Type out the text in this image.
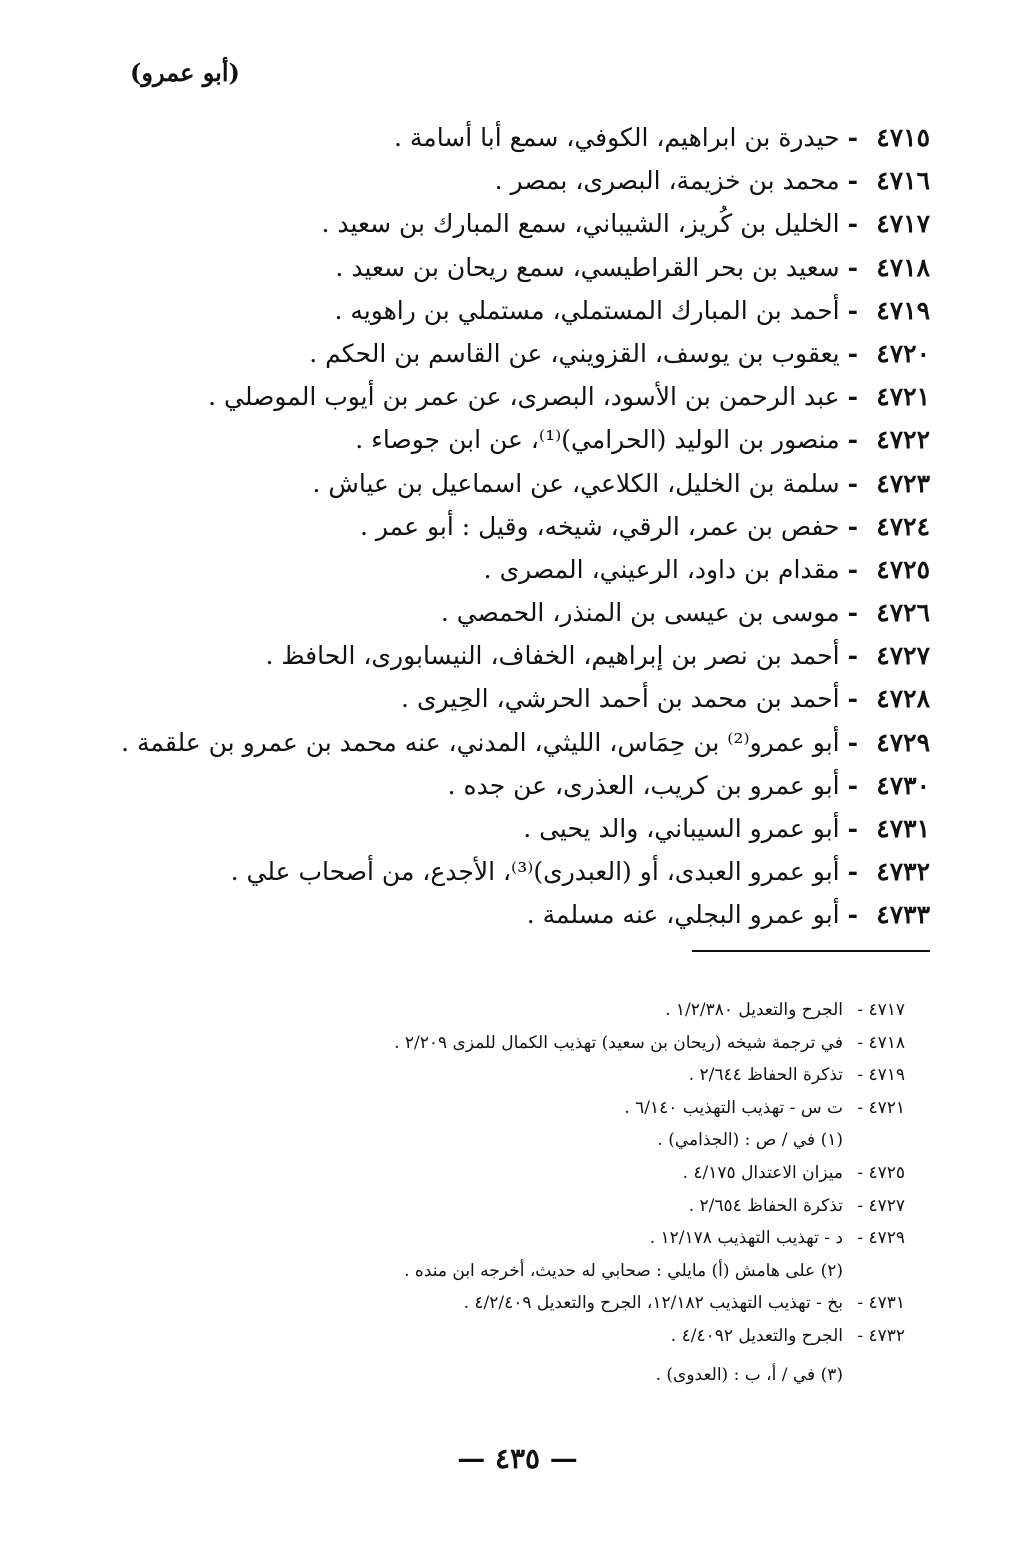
(أبو عمرو)
٤٧١٥-حيدرة بن ابراهيم، الكوفي، سمع أبا أسامة .
٤٧١٦-محمد بن خزيمة، البصرى، بمصر .
٤٧١٧-الخليل بن كُريز، الشيباني، سمع المبارك بن سعيد .
٤٧١٨-سعيد بن بحر القراطيسي، سمع ريحان بن سعيد .
٤٧١٩-أحمد بن المبارك المستملي، مستملي بن راهويه .
٤٧٢٠-يعقوب بن يوسف، القزويني، عن القاسم بن الحكم .
٤٧٢١-عبد الرحمن بن الأسود، البصرى، عن عمر بن أيوب الموصلي .
٤٧٢٢-منصور بن الوليد (الحرامي)⁽¹⁾، عن ابن جوصاء .
٤٧٢٣-سلمة بن الخليل، الكلاعي، عن اسماعيل بن عياش .
٤٧٢٤-حفص بن عمر، الرقي، شيخه، وقيل : أبو عمر .
٤٧٢٥-مقدام بن داود، الرعيني، المصرى .
٤٧٢٦-موسى بن عيسى بن المنذر، الحمصي .
٤٧٢٧-أحمد بن نصر بن إبراهيم، الخفاف، النيسابورى، الحافظ .
٤٧٢٨-أحمد بن محمد بن أحمد الحرشي، الحِيرى .
٤٧٢٩-أبو عمرو⁽²⁾ بن حِمَاس، الليثي، المدني، عنه محمد بن عمرو بن علقمة .
٤٧٣٠-أبو عمرو بن كريب، العذرى، عن جده .
٤٧٣١-أبو عمرو السيباني، والد يحيى .
٤٧٣٢-أبو عمرو العبدى، أو (العبدرى)⁽³⁾، الأجدع، من أصحاب علي .
٤٧٣٣-أبو عمرو البجلي، عنه مسلمة .
٤٧١٧ -الجرح والتعديل ١/٢/٣٨٠ .
٤٧١٨ -في ترجمة شيخه (ريحان بن سعيد) تهذيب الكمال للمزى ٢/٢٠٩ .
٤٧١٩ -تذكرة الحفاظ ٢/٦٤٤ .
٤٧٢١ -ت س - تهذيب التهذيب ٦/١٤٠ .
(١) في / ص : (الجذامي) .
٤٧٢٥ -ميزان الاعتدال ٤/١٧٥ .
٤٧٢٧ -تذكرة الحفاظ ٢/٦٥٤ .
٤٧٢٩ -د - تهذيب التهذيب ١٢/١٧٨ .
(٢) على هامش (أ) مايلي : صحابي له حديث، أخرجه ابن منده .
٤٧٣١ -بخ - تهذيب التهذيب ١٢/١٨٢، الجرح والتعديل ٤/٢/٤٠٩ .
٤٧٣٢ -الجرح والتعديل ٤/٤٠٩٢ .
(٣) في / أ، ب : (العدوى) .
— ٤٣٥ —
